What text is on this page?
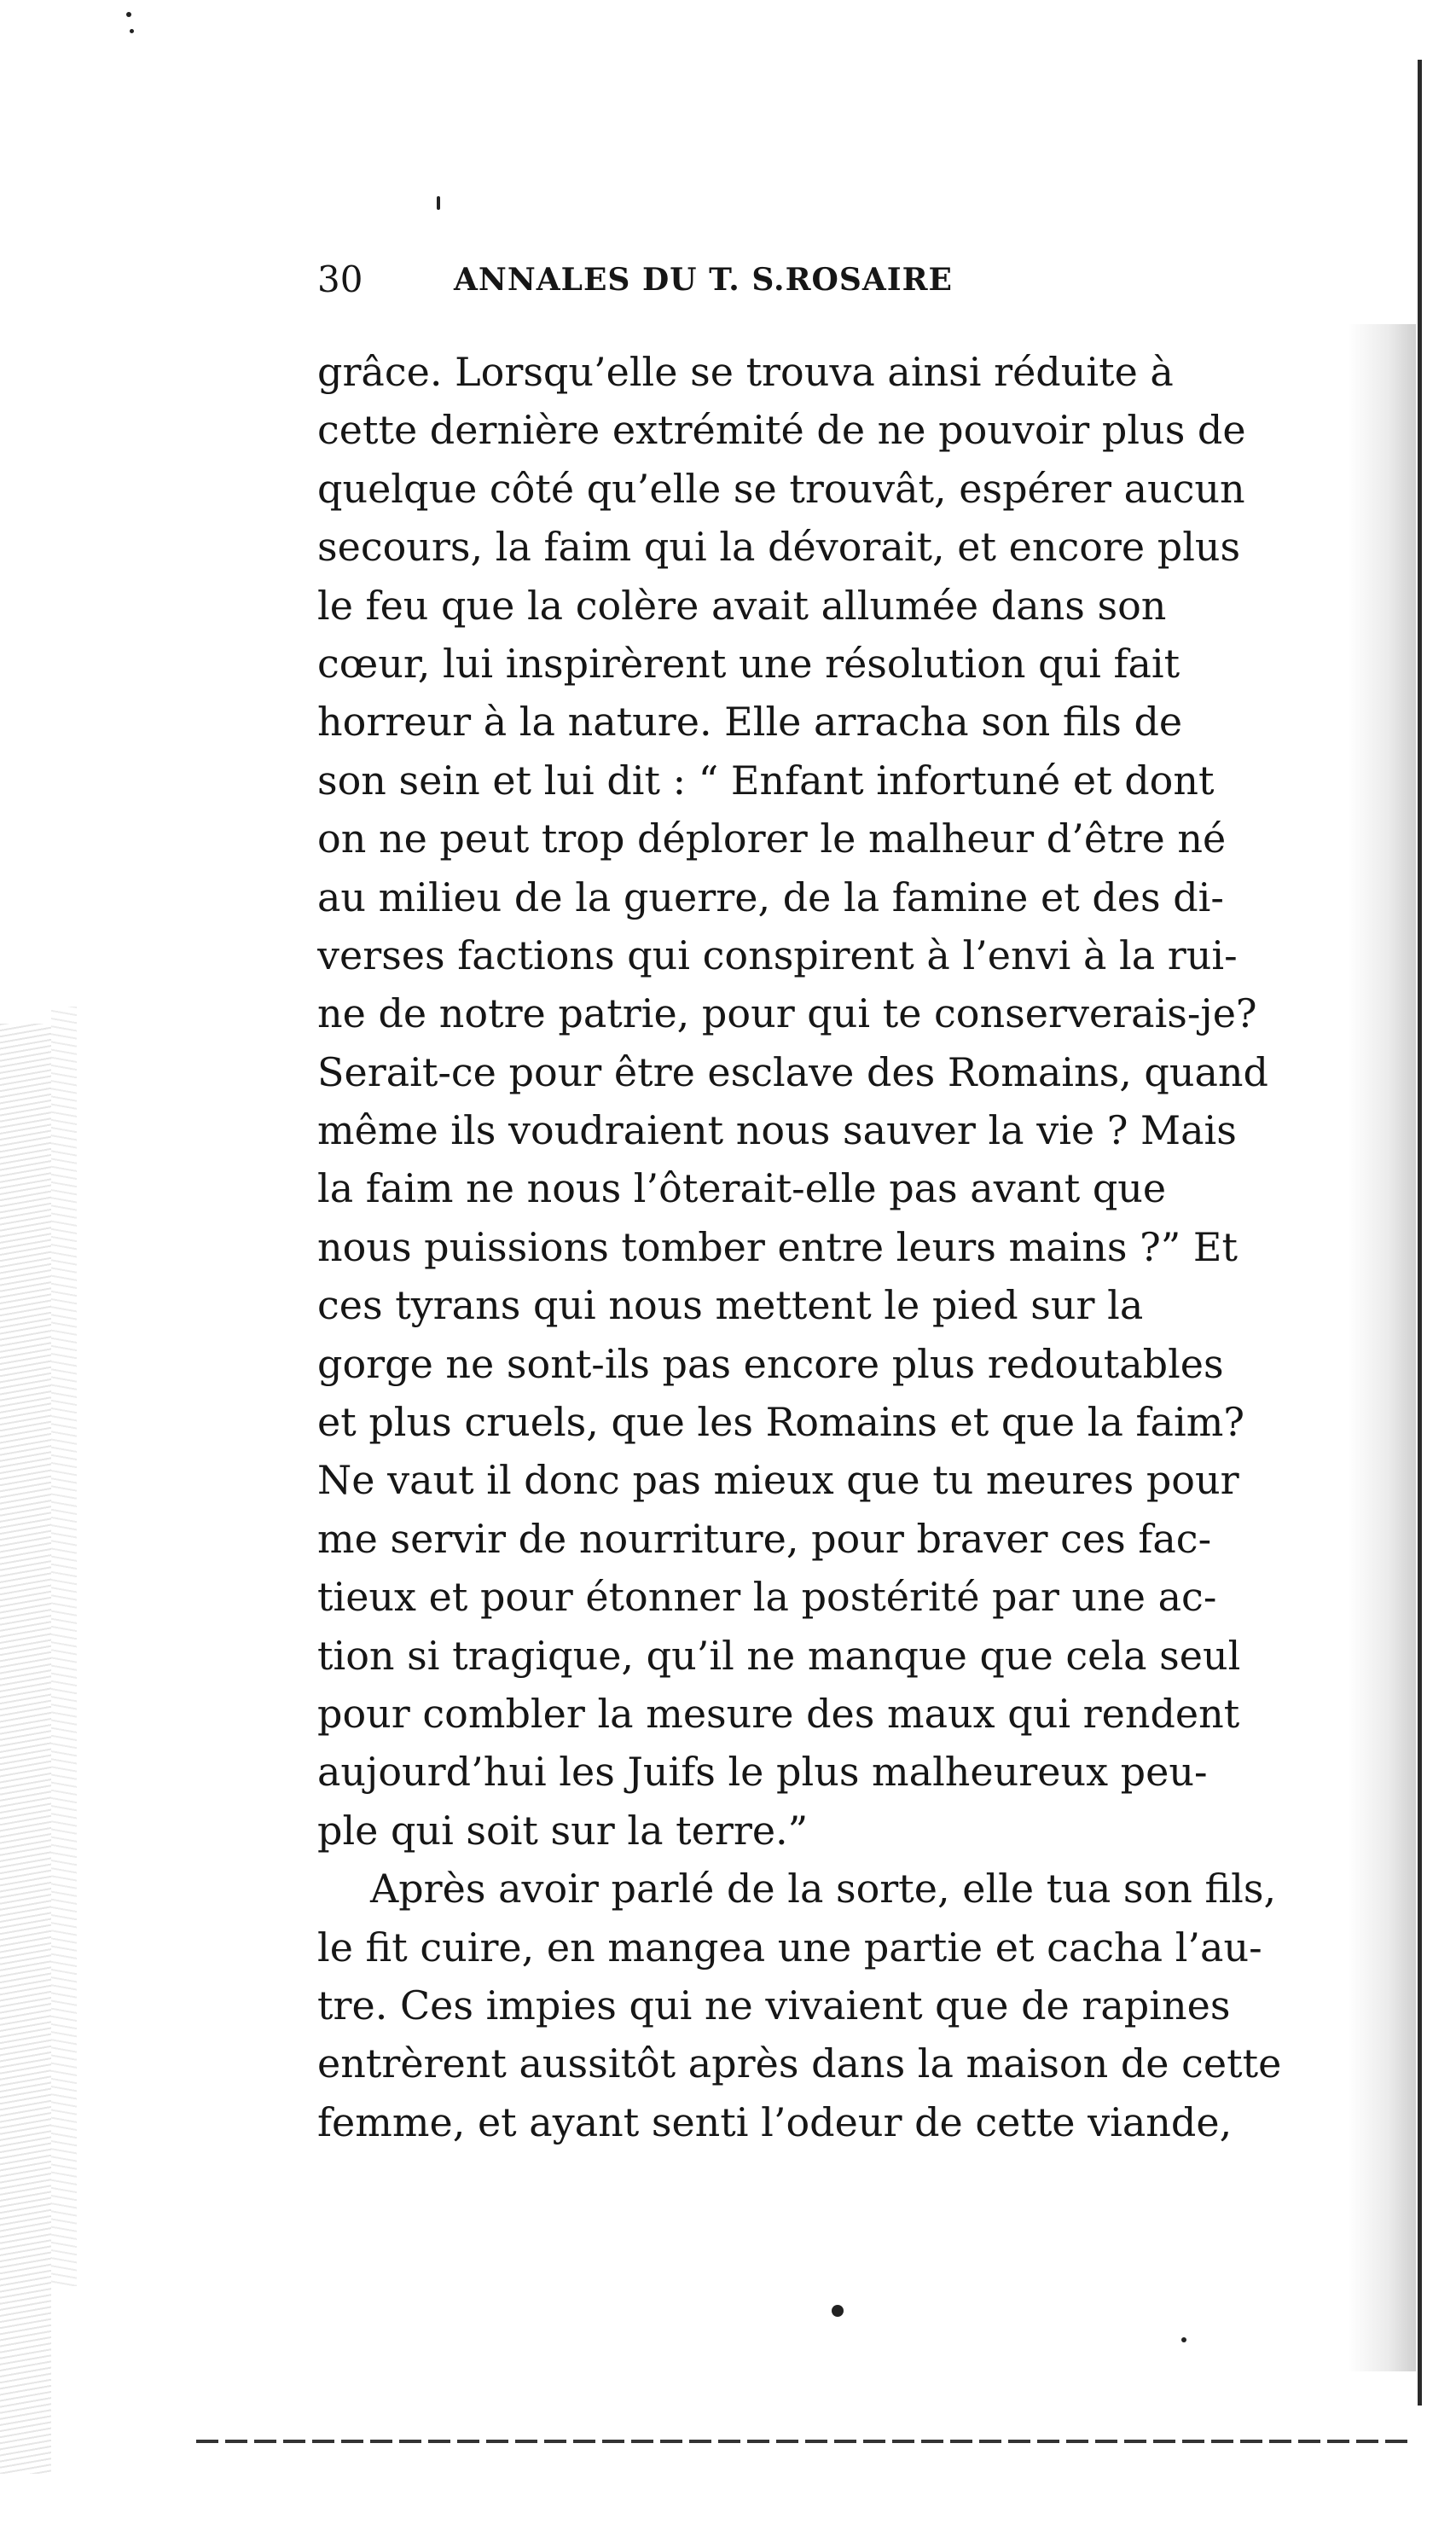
30	ANNALES DU T. S.ROSAIRE
grâce. Lorsqu’elle se trouva ainsi réduite à
cette dernière extrémité de ne pouvoir plus de
quelque côté qu’elle se trouvât, espérer aucun
secours, la faim qui la dévorait, et encore plus
le feu que la colère avait allumée dans son
cœur, lui inspirèrent une résolution qui fait
horreur à la nature. Elle arracha son fils de
son sein et lui dit : “ Enfant infortuné et dont
on ne peut trop déplorer le malheur d’être né
au milieu de la guerre, de la famine et des di-
verses factions qui conspirent à l’envi à la rui-
ne de notre patrie, pour qui te conserverais-je?
Serait-ce pour être esclave des Romains, quand
même ils voudraient nous sauver la vie ? Mais
la faim ne nous l’ôterait-elle pas avant que
nous puissions tomber entre leurs mains ?” Et
ces tyrans qui nous mettent le pied sur la
gorge ne sont-ils pas encore plus redoutables
et plus cruels, que les Romains et que la faim?
Ne vaut il donc pas mieux que tu meures pour
me servir de nourriture, pour braver ces fac-
tieux et pour étonner la postérité par une ac-
tion si tragique, qu’il ne manque que cela seul
pour combler la mesure des maux qui rendent
aujourd’hui les Juifs le plus malheureux peu-
ple qui soit sur la terre.”
Après avoir parlé de la sorte, elle tua son fils,
le fit cuire, en mangea une partie et cacha l’au-
tre. Ces impies qui ne vivaient que de rapines
entrèrent aussitôt après dans la maison de cette
femme, et ayant senti l’odeur de cette viande,
